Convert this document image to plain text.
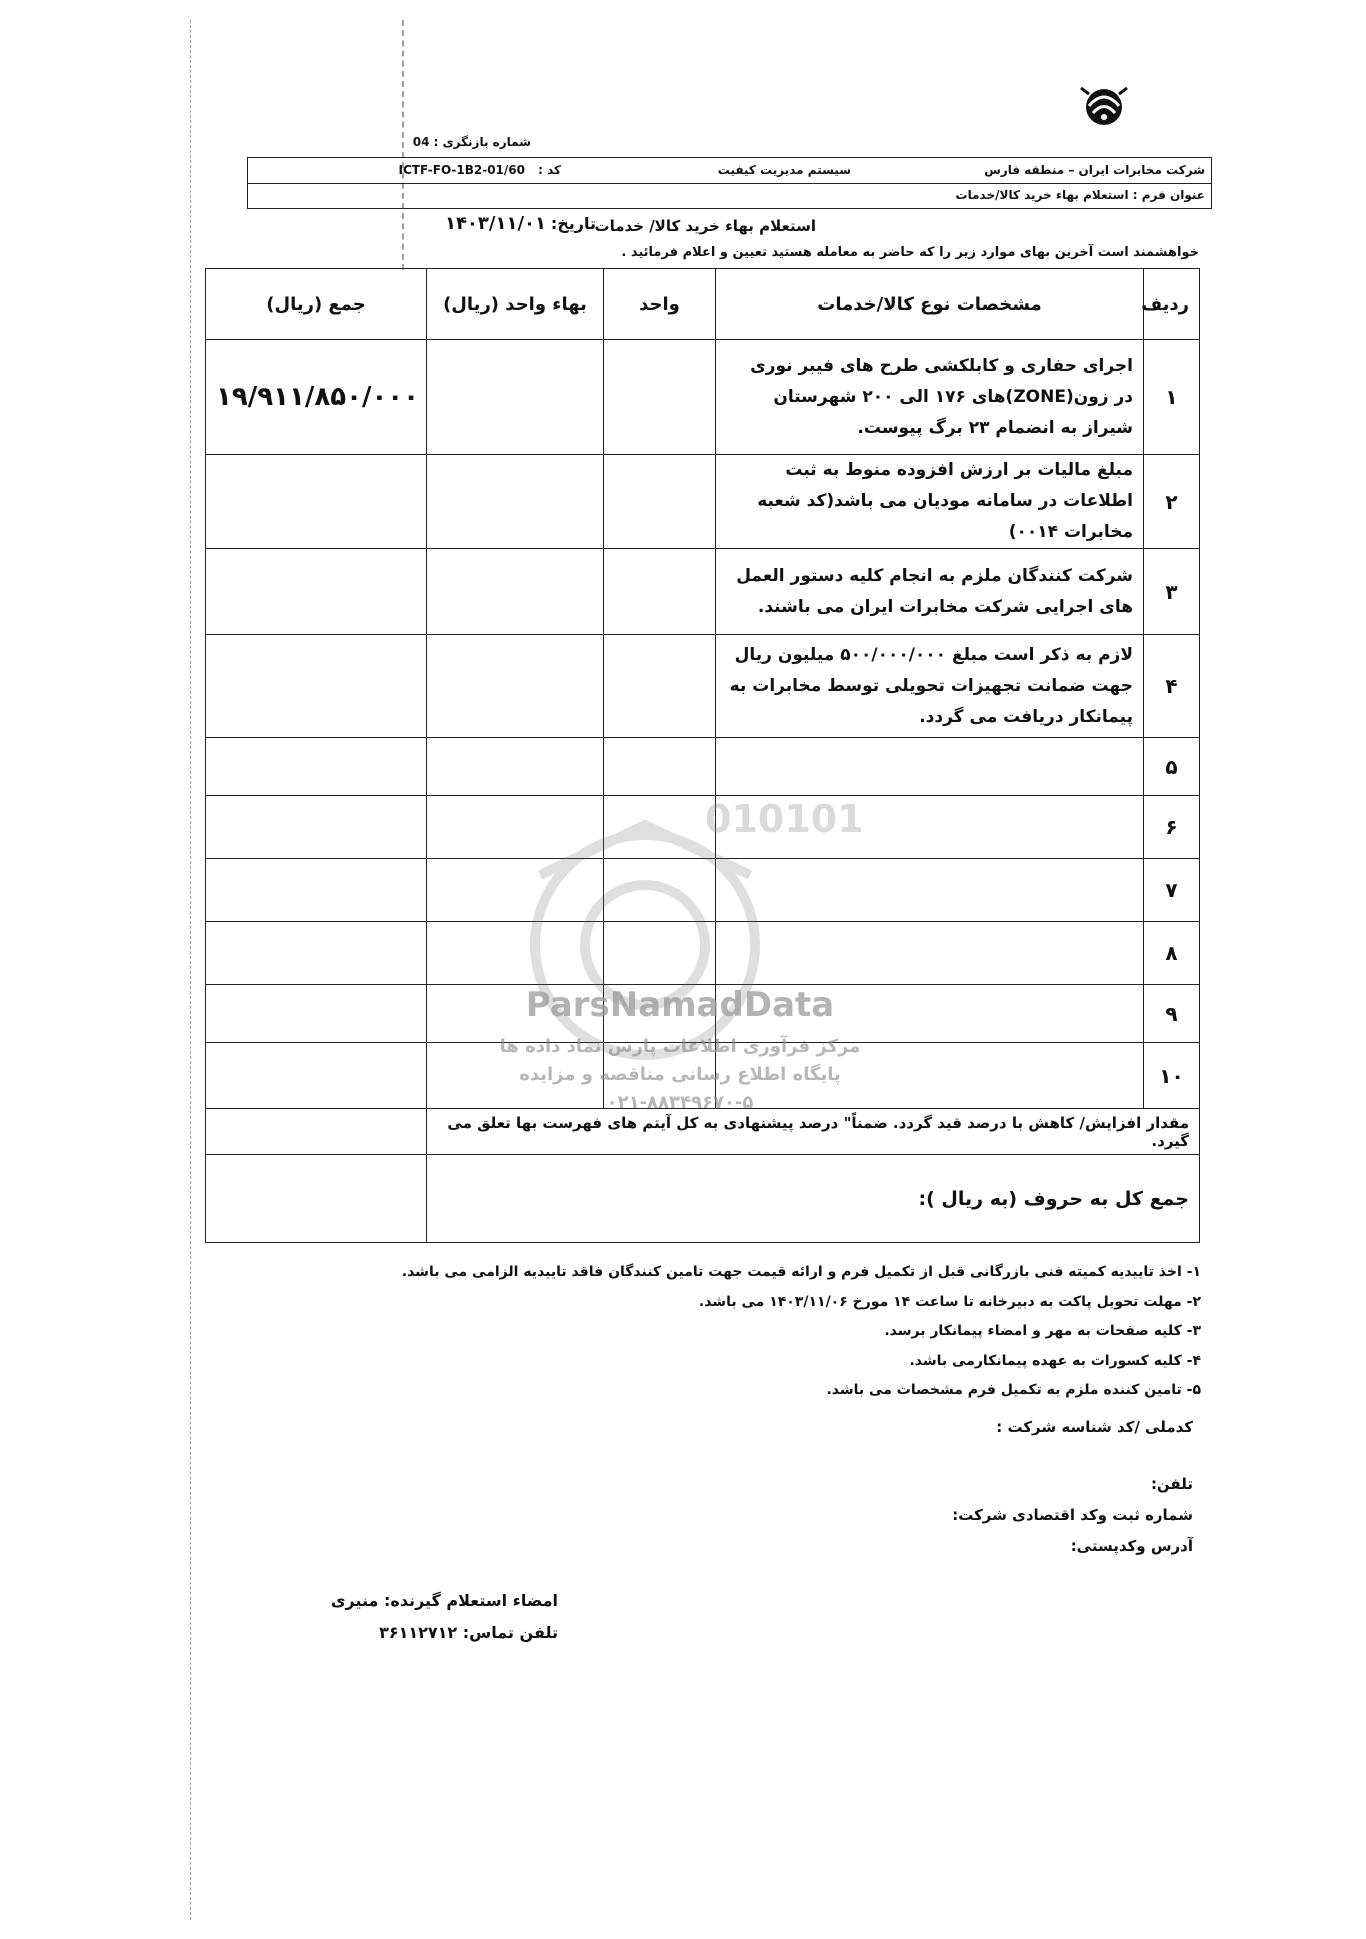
شماره بازنگری : 04
شرکت مخابرات ایران – منطقه فارس
سیستم مدیریت کیفیت
کد :
ICTF-FO-1B2-01/60
عنوان فرم : استعلام بهاء خرید کالا/خدمات
استعلام بهاء خرید کالا/ خدمات
تاریخ:
۱۴۰۳/۱۱/۰۱
خواهشمند است آخرین بهای موارد زیر را که حاضر به معامله هستید تعیین و اعلام فرمائید .
ردیف	مشخصات نوع کالا/خدمات	واحد	بهاء واحد (ریال)	جمع (ریال)
۱	اجرای حفاری و کابلکشی طرح های فیبر نوری در زون(ZONE)های ۱۷۶ الی ۲۰۰ شهرستان شیراز به انضمام ۲۳ برگ پیوست.			۱۹/۹۱۱/۸۵۰/۰۰۰
۲	مبلغ مالیات بر ارزش افزوده منوط به ثبت اطلاعات در سامانه مودیان می باشد(کد شعبه مخابرات ۰۰۱۴)			
۳	شرکت کنندگان ملزم به انجام کلیه دستور العمل های اجرایی شرکت مخابرات ایران می باشند.			
۴	لازم به ذکر است مبلغ ۵۰۰/۰۰۰/۰۰۰ میلیون ریال جهت ضمانت تجهیزات تحویلی توسط مخابرات به پیمانکار دریافت می گردد.			
۵				
۶				
۷				
۸				
۹				
۱۰				
مقدار افزایش/ کاهش با درصد قید گردد. ضمناً" درصد پیشنهادی به کل آیتم های فهرست بها تعلق می گیرد.				
جمع کل به حروف (به ریال ):				
010101
ParsNamadData
مرکز فرآوری اطلاعات پارس نماد داده ها
پایگاه اطلاع رسانی مناقصه و مزایده
۰۲۱-۸۸۳۴۹۶۷۰-۵
۱- اخذ تاییدیه کمیته فنی بازرگانی قبل از تکمیل فرم و ارائه قیمت جهت تامین کنندگان فاقد تاییدیه الزامی می باشد.
۲- مهلت تحویل پاکت به دبیرخانه تا ساعت ۱۴ مورخ ۱۴۰۳/۱۱/۰۶ می باشد.
۳- کلیه صفحات به مهر و امضاء پیمانکار برسد.
۴- کلیه کسورات به عهده پیمانکارمی باشد.
۵- تامین کننده ملزم به تکمیل فرم مشخصات می باشد.
کدملی /کد شناسه شرکت :
تلفن:
شماره ثبت وکد اقتصادی شرکت:
آدرس وکدپستی:
امضاء استعلام گیرنده: منیری
تلفن تماس: ۳۶۱۱۲۷۱۲
